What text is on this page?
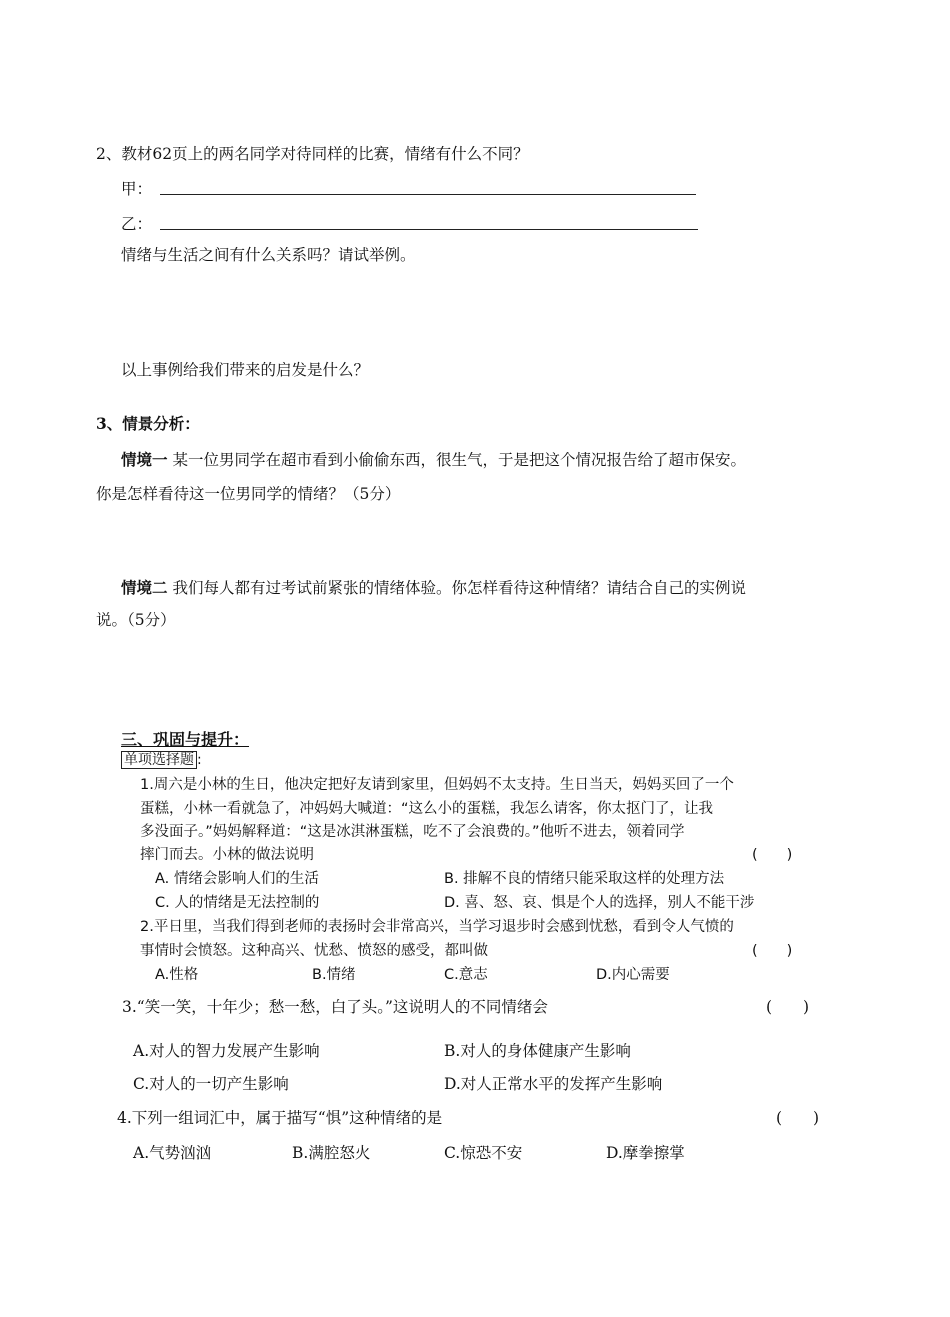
2、教材62页上的两名同学对待同样的比赛，情绪有什么不同？
甲：
乙：
情绪与生活之间有什么关系吗？请试举例。
以上事例给我们带来的启发是什么？
3、情景分析：
情境一 某一位男同学在超市看到小偷偷东西，很生气，于是把这个情况报告给了超市保安。
你是怎样看待这一位男同学的情绪？（5分）
情境二 我们每人都有过考试前紧张的情绪体验。你怎样看待这种情绪？请结合自己的实例说
说。（5分）
三、巩固与提升：
单项选择题 :
1.周六是小林的生日，他决定把好友请到家里，但妈妈不太支持。生日当天，妈妈买回了一个
蛋糕，小林一看就急了，冲妈妈大喊道：“这么小的蛋糕，我怎么请客，你太抠门了，让我
多没面子。”妈妈解释道：“这是冰淇淋蛋糕，吃不了会浪费的。”他听不进去，领着同学
摔门而去。小林的做法说明	(　　)
A. 情绪会影响人们的生活	B. 排解不良的情绪只能采取这样的处理方法
C. 人的情绪是无法控制的	D. 喜、怒、哀、惧是个人的选择，别人不能干涉
2.平日里，当我们得到老师的表扬时会非常高兴，当学习退步时会感到忧愁，看到令人气愤的
事情时会愤怒。这种高兴、忧愁、愤怒的感受，都叫做	(　　)
A.性格	B.情绪	C.意志	D.内心需要
3.“笑一笑，十年少；愁一愁，白了头。”这说明人的不同情绪会	(　　)
A.对人的智力发展产生影响	B.对人的身体健康产生影响
C.对人的一切产生影响	D.对人正常水平的发挥产生影响
4.下列一组词汇中，属于描写“惧”这种情绪的是	(　　)
A.气势汹汹	B.满腔怒火	C.惊恐不安	D.摩拳擦掌
